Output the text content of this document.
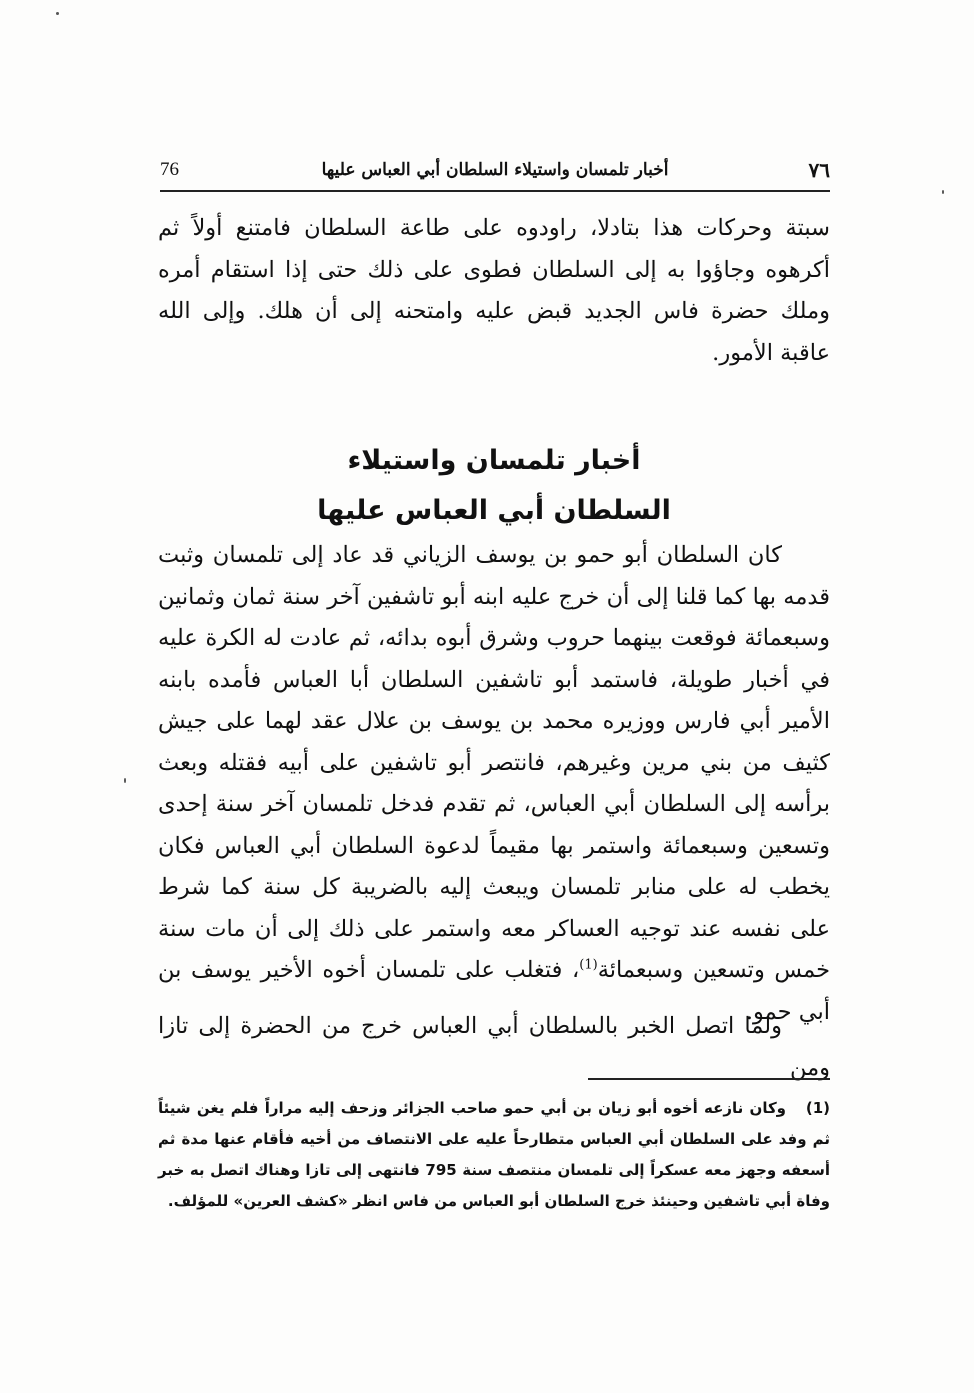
٧٦
أخبار تلمسان واستيلاء السلطان أبي العباس عليها
76
سبتة وحركات هذا بتادلا، راودوه على طاعة السلطان فامتنع أولاً ثم أكرهوه وجاؤوا به إلى السلطان فطوى على ذلك حتى إذا استقام أمره وملك حضرة فاس الجديد قبض عليه وامتحنه إلى أن هلك. وإلى الله عاقبة الأمور.
أخبار تلمسان واستيلاء
السلطان أبي العباس عليها
كان السلطان أبو حمو بن يوسف الزياني قد عاد إلى تلمسان وثبت قدمه بها كما قلنا إلى أن خرج عليه ابنه أبو تاشفين آخر سنة ثمان وثمانين وسبعمائة فوقعت بينهما حروب وشرق أبوه بدائه، ثم عادت له الكرة عليه في أخبار طويلة، فاستمد أبو تاشفين السلطان أبا العباس فأمده بابنه الأمير أبي فارس ووزيره محمد بن يوسف بن علال عقد لهما على جيش كثيف من بني مرين وغيرهم، فانتصر أبو تاشفين على أبيه فقتله وبعث برأسه إلى السلطان أبي العباس، ثم تقدم فدخل تلمسان آخر سنة إحدى وتسعين وسبعمائة واستمر بها مقيماً لدعوة السلطان أبي العباس فكان يخطب له على منابر تلمسان ويبعث إليه بالضريبة كل سنة كما شرط على نفسه عند توجيه العساكر معه واستمر على ذلك إلى أن مات سنة خمس وتسعين وسبعمائة$^{(1)}$، فتغلب على تلمسان أخوه الأخير يوسف بن أبي حمو.
ولما اتصل الخبر بالسلطان أبي العباس خرج من الحضرة إلى تازا ومن
(1)وكان نازعه أخوه أبو زيان بن أبي حمو صاحب الجزائر وزحف إليه مراراً فلم يغن شيئاً ثم وفد على السلطان أبي العباس متطارحاً عليه على الانتصاف من أخيه فأقام عنها مدة ثم أسعفه وجهز معه عسكراً إلى تلمسان منتصف سنة 795 فانتهى إلى تازا وهناك اتصل به خبر وفاة أبي تاشفين وحينئذ خرج السلطان أبو العباس من فاس انظر «كشف العرين» للمؤلف.
